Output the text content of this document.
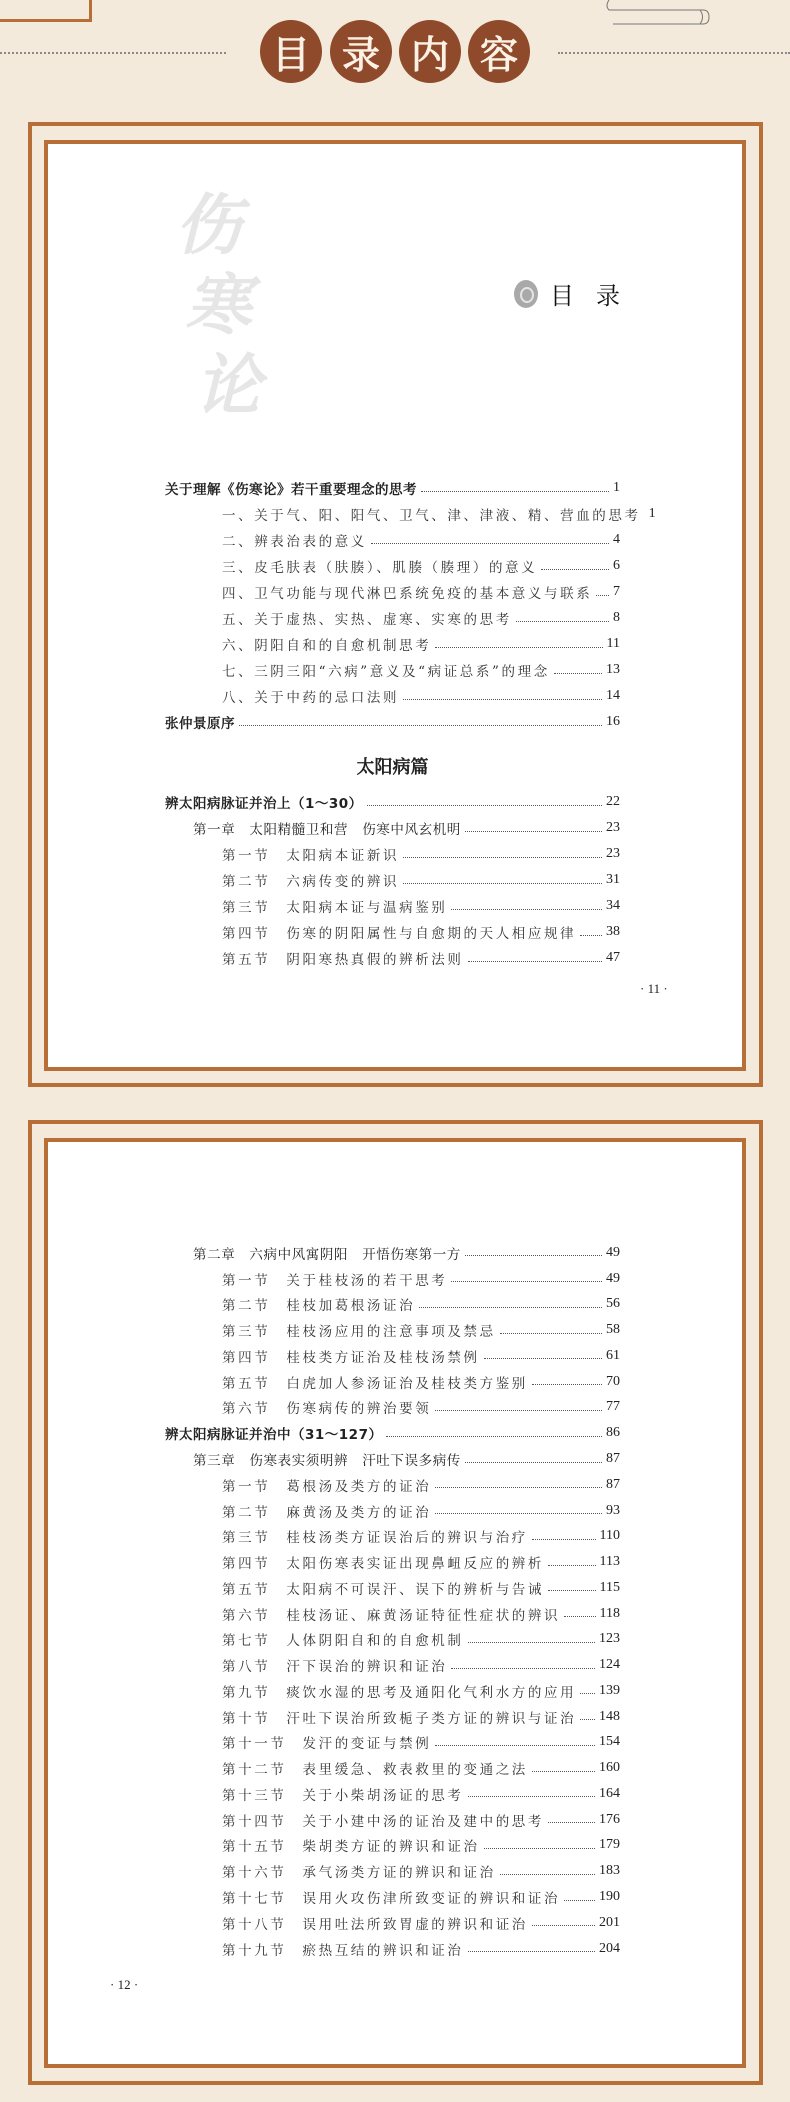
目 录 内 容
伤
寒
论
目 录
关于理解《伤寒论》若干重要理念的思考	1
一、关于气、阳、阳气、卫气、津、津液、精、营血的思考 1
二、辨表治表的意义	4
三、皮毛肤表（肤腠）、肌腠（腠理）的意义	6
四、卫气功能与现代淋巴系统免疫的基本意义与联系 7
五、关于虚热、实热、虚寒、实寒的思考	8
六、阴阳自和的自愈机制思考	11
七、三阴三阳“六病”意义及“病证总系”的理念	13
八、关于中药的忌口法则	14
张仲景原序	16
太阳病篇
辨太阳病脉证并治上（1～30）	22
第一章　太阳精髓卫和营　伤寒中风玄机明	23
第一节　太阳病本证新识	23
第二节　六病传变的辨识	31
第三节　太阳病本证与温病鉴别	34
第四节　伤寒的阴阳属性与自愈期的天人相应规律 38
第五节　阴阳寒热真假的辨析法则	47
· 11 ·
第二章　六病中风寓阴阳　开悟伤寒第一方	49
第一节　关于桂枝汤的若干思考	49
第二节　桂枝加葛根汤证治	56
第三节　桂枝汤应用的注意事项及禁忌	58
第四节　桂枝类方证治及桂枝汤禁例	61
第五节　白虎加人参汤证治及桂枝类方鉴别	70
第六节　伤寒病传的辨治要领	77
辨太阳病脉证并治中（31～127）	86
第三章　伤寒表实须明辨　汗吐下误多病传	87
第一节　葛根汤及类方的证治	87
第二节　麻黄汤及类方的证治	93
第三节　桂枝汤类方证误治后的辨识与治疗	110
第四节　太阳伤寒表实证出现鼻衄反应的辨析	113
第五节　太阳病不可误汗、误下的辨析与告诫	115
第六节　桂枝汤证、麻黄汤证特征性症状的辨识	118
第七节　人体阴阳自和的自愈机制	123
第八节　汗下误治的辨识和证治	124
第九节　痰饮水湿的思考及通阳化气利水方的应用 139
第十节　汗吐下误治所致栀子类方证的辨识与证治 148
第十一节　发汗的变证与禁例	154
第十二节　表里缓急、救表救里的变通之法	160
第十三节　关于小柴胡汤证的思考	164
第十四节　关于小建中汤的证治及建中的思考	176
第十五节　柴胡类方证的辨识和证治	179
第十六节　承气汤类方证的辨识和证治	183
第十七节　误用火攻伤津所致变证的辨识和证治	190
第十八节　误用吐法所致胃虚的辨识和证治	201
第十九节　瘀热互结的辨识和证治	204
· 12 ·
